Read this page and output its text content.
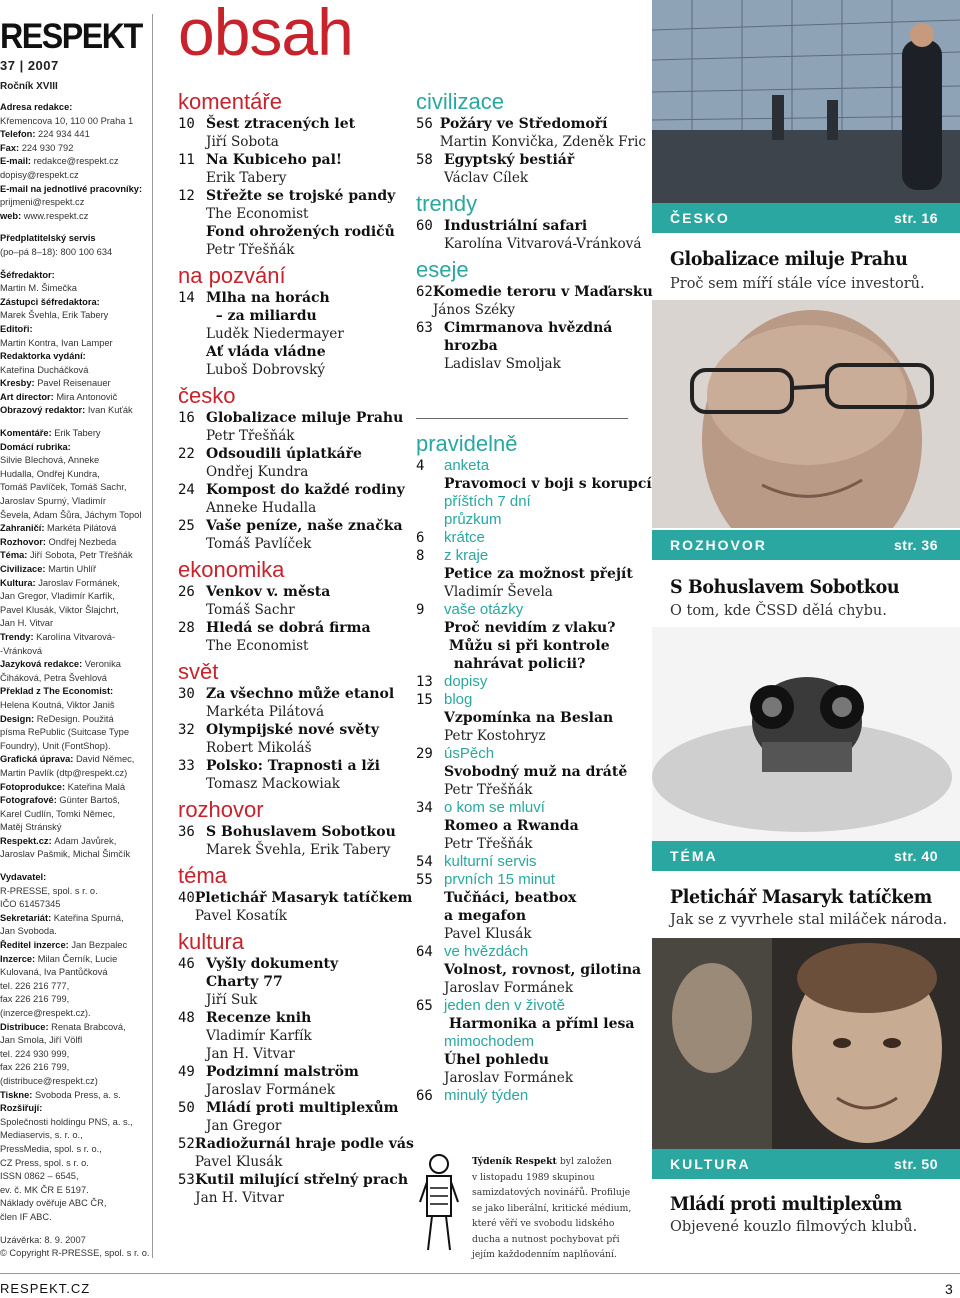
RESPEKT
37 | 2007
Ročník XVIII
Adresa redakce:
Křemencova 10, 110 00 Praha 1
Telefon: 224 934 441
Fax: 224 930 792
E-mail: redakce@respekt.cz
dopisy@respekt.cz
E-mail na jednotlivé pracovníky:
prijmeni@respekt.cz
web: www.respekt.cz
Předplatitelský servis
(po–pá 8–18): 800 100 634
Šéfredaktor:
Martin M. Šimečka
Zástupci šéfredaktora:
Marek Švehla, Erik Tabery
Editoři:
Martin Kontra, Ivan Lamper
Redaktorka vydání:
Kateřina Ducháčková
Kresby: Pavel Reisenauer
Art director: Mira Antonovič
Obrazový redaktor: Ivan Kuťák
Komentáře: Erik Tabery
Domácí rubrika:
Silvie Blechová, Anneke
Hudalla, Ondřej Kundra,
Tomáš Pavlíček, Tomáš Sachr,
Jaroslav Spurný, Vladimír
Ševela, Adam Šůra, Jáchym Topol
Zahraničí: Markéta Pilátová
Rozhovor: Ondřej Nezbeda
Téma: Jiří Sobota, Petr Třešňák
Civilizace: Martin Uhlíř
Kultura: Jaroslav Formánek,
Jan Gregor, Vladimír Karfík,
Pavel Klusák, Viktor Šlajchrt,
Jan H. Vitvar
Trendy: Karolína Vitvarová-
-Vránková
Jazyková redakce: Veronika
Čiháková, Petra Švehlová
Překlad z The Economist:
Helena Koutná, Viktor Janiš
Design: ReDesign. Použitá
písma RePublic (Suitcase Type
Foundry), Unit (FontShop).
Grafická úprava: David Němec,
Martin Pavlík (dtp@respekt.cz)
Fotoprodukce: Kateřina Malá
Fotografové: Günter Bartoš,
Karel Cudlín, Tomki Němec,
Matěj Stránský
Respekt.cz: Adam Javůrek,
Jaroslav Pašmik, Michal Šimčík
Vydavatel:
R-PRESSE, spol. s r. o.
IČO 61457345
Sekretariát: Kateřina Spurná,
Jan Svoboda.
Ředitel inzerce: Jan Bezpalec
Inzerce: Milan Černík, Lucie
Kulovaná, Iva Pantůčková
tel. 226 216 777,
fax 226 216 799,
(inzerce@respekt.cz).
Distribuce: Renata Brabcová,
Jan Smola, Jiří Völfl
tel. 224 930 999,
fax 226 216 799,
(distribuce@respekt.cz)
Tiskne: Svoboda Press, a. s.
Rozšiřují:
Společnosti holdingu PNS, a. s.,
Mediaservis, s. r. o.,
PressMedia, spol. s r. o.,
CZ Press, spol. s r. o.
ISSN 0862 – 6545,
ev. č. MK ČR E 5197.
Náklady ověřuje ABC ČR,
člen IF ABC.
Uzávěrka: 8. 9. 2007
© Copyright R-PRESSE, spol. s r. o.
obsah
komentáře
10 Šest ztracených let
Jiří Sobota
11 Na Kubiceho pal!
Erik Tabery
12 Střežte se trojské pandy
The Economist
Fond ohrožených rodičů
Petr Třešňák
na pozvání
14 Mlha na horách
– za miliardu
Luděk Niedermayer
Ať vláda vládne
Luboš Dobrovský
česko
16 Globalizace miluje Prahu
Petr Třešňák
22 Odsoudili úplatkáře
Ondřej Kundra
24 Kompost do každé rodiny
Anneke Hudalla
25 Vaše peníze, naše značka
Tomáš Pavlíček
ekonomika
26 Venkov v. města
Tomáš Sachr
28 Hledá se dobrá firma
The Economist
svět
30 Za všechno může etanol
Markéta Pilátová
32 Olympijské nové světy
Robert Mikoláš
33 Polsko: Trapnosti a lži
Tomasz Mackowiak
rozhovor
36 S Bohuslavem Sobotkou
Marek Švehla, Erik Tabery
téma
40 Pletichář Masaryk tatíčkem
Pavel Kosatík
kultura
46 Vyšly dokumenty
Charty 77
Jiří Suk
48 Recenze knih
Vladimír Karfík
Jan H. Vitvar
49 Podzimní malström
Jaroslav Formánek
50 Mládí proti multiplexům
Jan Gregor
52 Radiožurnál hraje podle vás
Pavel Klusák
53 Kutil milující střelný prach
Jan H. Vitvar
civilizace
56 Požáry ve Středomoří
Martin Konvička, Zdeněk Fric
58 Egyptský bestiář
Václav Cílek
trendy
60 Industriální safari
Karolína Vitvarová-Vránková
eseje
62 Komedie teroru v Maďarsku
János Széky
63 Cimrmanova hvězdná
hrozba
Ladislav Smoljak
pravidelně
4	anketa
Pravomoci v boji s korupcí
příštích 7 dní
průzkum
6	krátce
8	z kraje
Petice za možnost přejít
Vladimír Ševela
9	vaše otázky
Proč nevidím z vlaku?
Můžu si při kontrole
nahrávat policii?
13 dopisy
15 blog
Vzpomínka na Beslan
Petr Kostohryz
29 úsPěch
Svobodný muž na drátě
Petr Třešňák
34 o kom se mluví
Romeo a Rwanda
Petr Třešňák
54 kulturní servis
55 prvních 15 minut
Tučňáci, beatbox
a megafon
Pavel Klusák
64 ve hvězdách
Volnost, rovnost, gilotina
Jaroslav Formánek
65 jeden den v životě
Harmonika a příml lesa
mimochodem
Úhel pohledu
Jaroslav Formánek
66 minulý týden
ČESKO	str. 16
Globalizace miluje Prahu
Proč sem míří stále více investorů.
ROZHOVOR	str. 36
S Bohuslavem Sobotkou
O tom, kde ČSSD dělá chybu.
TÉMA	str. 40
Pletichář Masaryk tatíčkem
Jak se z vyvrhele stal miláček národa.
KULTURA	str. 50
Mládí proti multiplexům
Objevené kouzlo filmových klubů.
Týdeník Respekt byl založen
v listopadu 1989 skupinou
samizdatových novinářů. Profiluje
se jako liberální, kritické médium,
které věří ve svobodu lidského
ducha a nutnost pochybovat při
jejím každodenním naplňování.
RESPEKT.CZ	3
